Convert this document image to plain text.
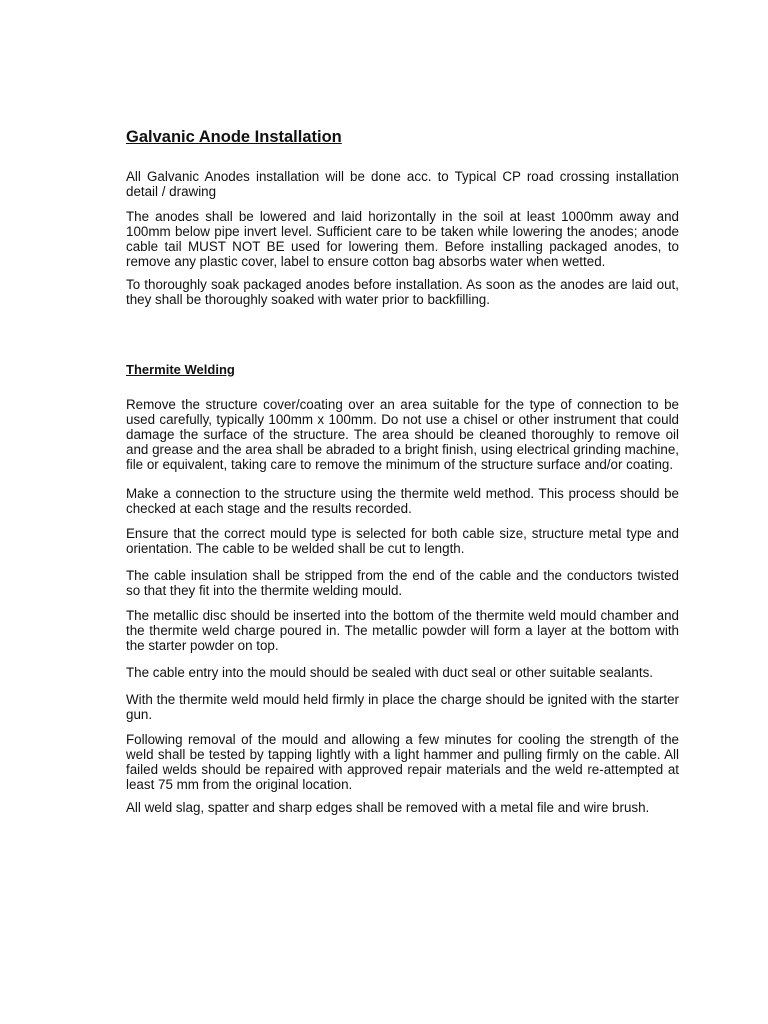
Galvanic Anode Installation

All Galvanic Anodes installation will be done acc. to Typical CP road crossing installation detail / drawing

The anodes shall be lowered and laid horizontally in the soil at least 1000mm away and 100mm below pipe invert level. Sufficient care to be taken while lowering the anodes; anode cable tail MUST NOT BE used for lowering them. Before installing packaged anodes, to remove any plastic cover, label to ensure cotton bag absorbs water when wetted.

To thoroughly soak packaged anodes before installation. As soon as the anodes are laid out, they shall be thoroughly soaked with water prior to backfilling.

Thermite Welding

Remove the structure cover/coating over an area suitable for the type of connection to be used carefully, typically 100mm x 100mm. Do not use a chisel or other instrument that could damage the surface of the structure. The area should be cleaned thoroughly to remove oil and grease and the area shall be abraded to a bright finish, using electrical grinding machine, file or equivalent, taking care to remove the minimum of the structure surface and/or coating.

Make a connection to the structure using the thermite weld method. This process should be checked at each stage and the results recorded.

Ensure that the correct mould type is selected for both cable size, structure metal type and orientation. The cable to be welded shall be cut to length.

The cable insulation shall be stripped from the end of the cable and the conductors twisted so that they fit into the thermite welding mould.

The metallic disc should be inserted into the bottom of the thermite weld mould chamber and the thermite weld charge poured in. The metallic powder will form a layer at the bottom with the starter powder on top.

The cable entry into the mould should be sealed with duct seal or other suitable sealants.

With the thermite weld mould held firmly in place the charge should be ignited with the starter gun.

Following removal of the mould and allowing a few minutes for cooling the strength of the weld shall be tested by tapping lightly with a light hammer and pulling firmly on the cable. All failed welds should be repaired with approved repair materials and the weld re-attempted at least 75 mm from the original location.

All weld slag, spatter and sharp edges shall be removed with a metal file and wire brush.
